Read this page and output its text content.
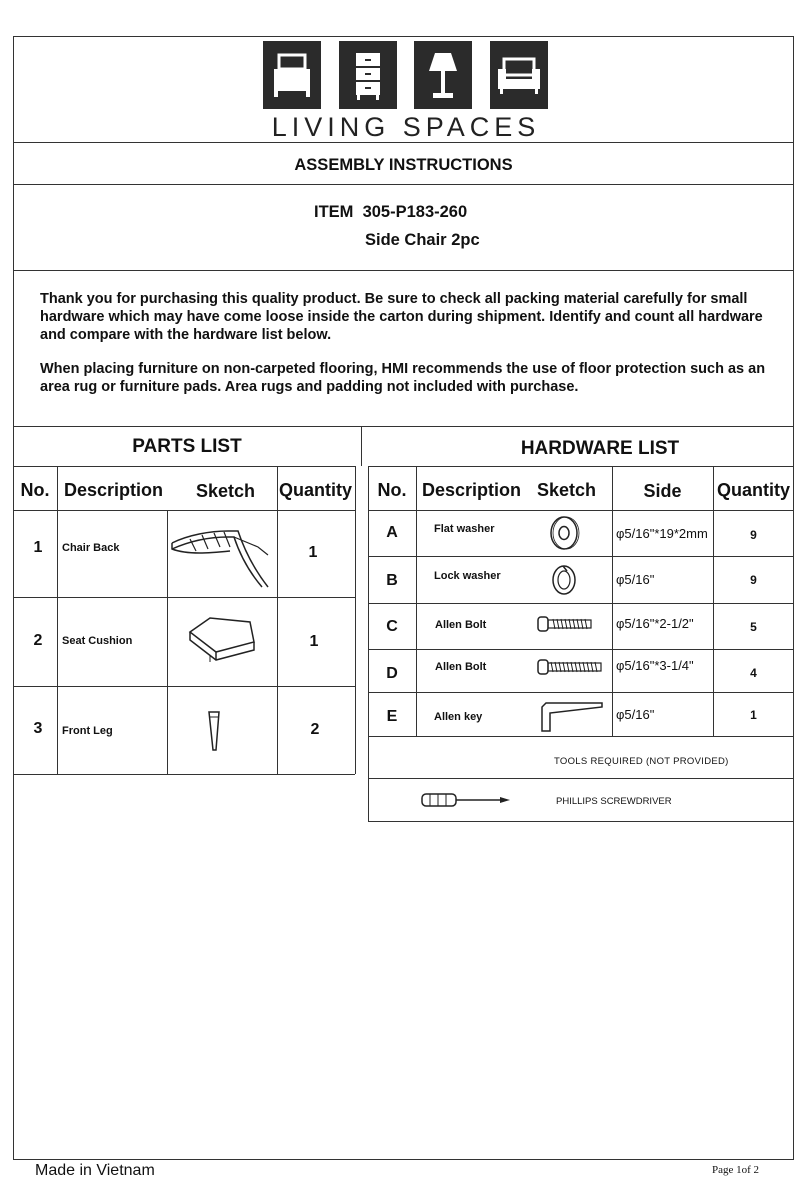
LIVING SPACES
ASSEMBLY INSTRUCTIONS
ITEM  305-P183-260
Side Chair 2pc
Thank you for purchasing this quality product. Be sure to check all packing material carefully for small hardware which may have come loose inside the carton during shipment. Identify and count all hardware and compare with the hardware list below.
When placing furniture on non-carpeted flooring, HMI recommends the use of floor protection such as an area rug or furniture pads. Area rugs and padding not included with purchase.
PARTS LIST
No. Description Sketch Quantity
1	Chair Back	1
2	Seat Cushion	1
3	Front Leg	2
HARDWARE LIST
No. Description Sketch	Side	Quantity
A	Flat washer	φ5/16"*19*2mm	9
B	Lock washer	φ5/16"	9
C	Allen Bolt	φ5/16"*2-1/2"	5
D	Allen Bolt	φ5/16"*3-1/4"	4
E	Allen key	φ5/16"	1
TOOLS REQUIRED (NOT PROVIDED)
PHILLIPS SCREWDRIVER
Made in Vietnam	Page 1of 2
